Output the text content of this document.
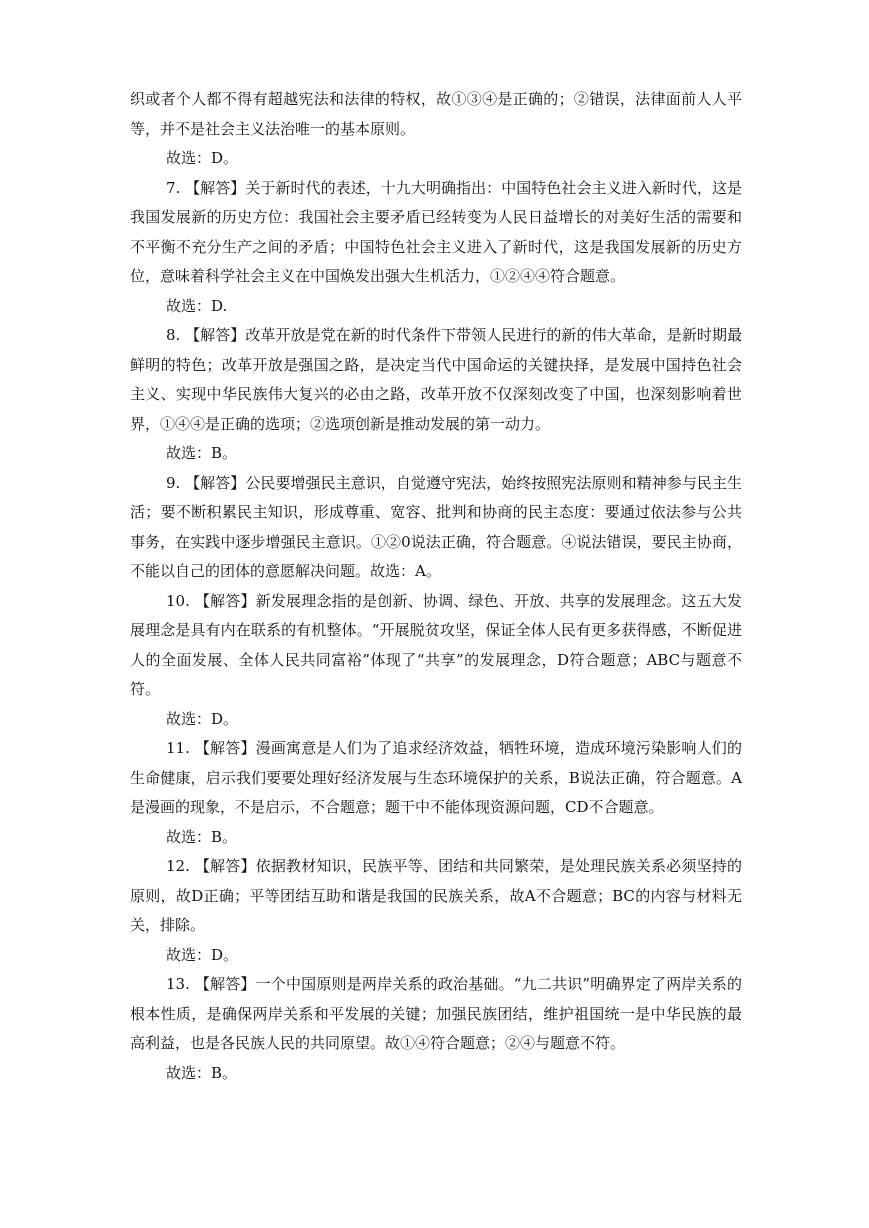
织或者个人都不得有超越宪法和法律的特权，故①③④是正确的；②错误，法律面前人人平等，并不是社会主义法治唯一的基本原则。

故选：D。

7. 【解答】关于新时代的表述，十九大明确指出：中国特色社会主义进入新时代，这是我国发展新的历史方位：我国社会主要矛盾已经转变为人民日益增长的对美好生活的需要和不平衡不充分生产之间的矛盾；中国特色社会主义进入了新时代，这是我国发展新的历史方位，意味着科学社会主义在中国焕发出强大生机活力，①②④④符合题意。

故选：D.

8. 【解答】改革开放是党在新的时代条件下带领人民进行的新的伟大革命，是新时期最鲜明的特色；改革开放是强国之路，是决定当代中国命运的关键抉择，是发展中国持色社会主义、实现中华民族伟大复兴的必由之路，改革开放不仅深刻改变了中国，也深刻影响着世界，①④④是正确的选项；②选项创新是推动发展的第一动力。

故选：B。

9. 【解答】公民要增强民主意识，自觉遵守宪法，始终按照宪法原则和精神参与民主生活；要不断积累民主知识，形成尊重、宽容、批判和协商的民主态度：要通过依法参与公共事务，在实践中逐步增强民主意识。①②0说法正确，符合题意。④说法错误，要民主协商，不能以自己的团体的意愿解决问题。故选：A。

10. 【解答】新发展理念指的是创新、协调、绿色、开放、共享的发展理念。这五大发展理念是具有内在联系的有机整体。“开展脱贫攻坚，保证全体人民有更多获得感，不断促进人的全面发展、全体人民共同富裕”体现了“共享”的发展理念，D符合题意；ABC与题意不符。

故选：D。

11. 【解答】漫画寓意是人们为了追求经济效益，牺牲环境，造成环境污染影响人们的生命健康，启示我们要要处理好经济发展与生态环境保护的关系，B说法正确，符合题意。A是漫画的现象，不是启示，不合题意；题干中不能体现资源问题，CD不合题意。

故选：B。

12. 【解答】依据教材知识，民族平等、团结和共同繁荣，是处理民族关系必须坚持的原则，故D正确；平等团结互助和谐是我国的民族关系，故A不合题意；BC的内容与材料无关，排除。

故选：D。

13. 【解答】一个中国原则是两岸关系的政治基础。“九二共识”明确界定了两岸关系的根本性质，是确保两岸关系和平发展的关键；加强民族团结，维护祖国统一是中华民族的最高利益，也是各民族人民的共同原望。故①④符合题意；②④与题意不符。

故选：B。
